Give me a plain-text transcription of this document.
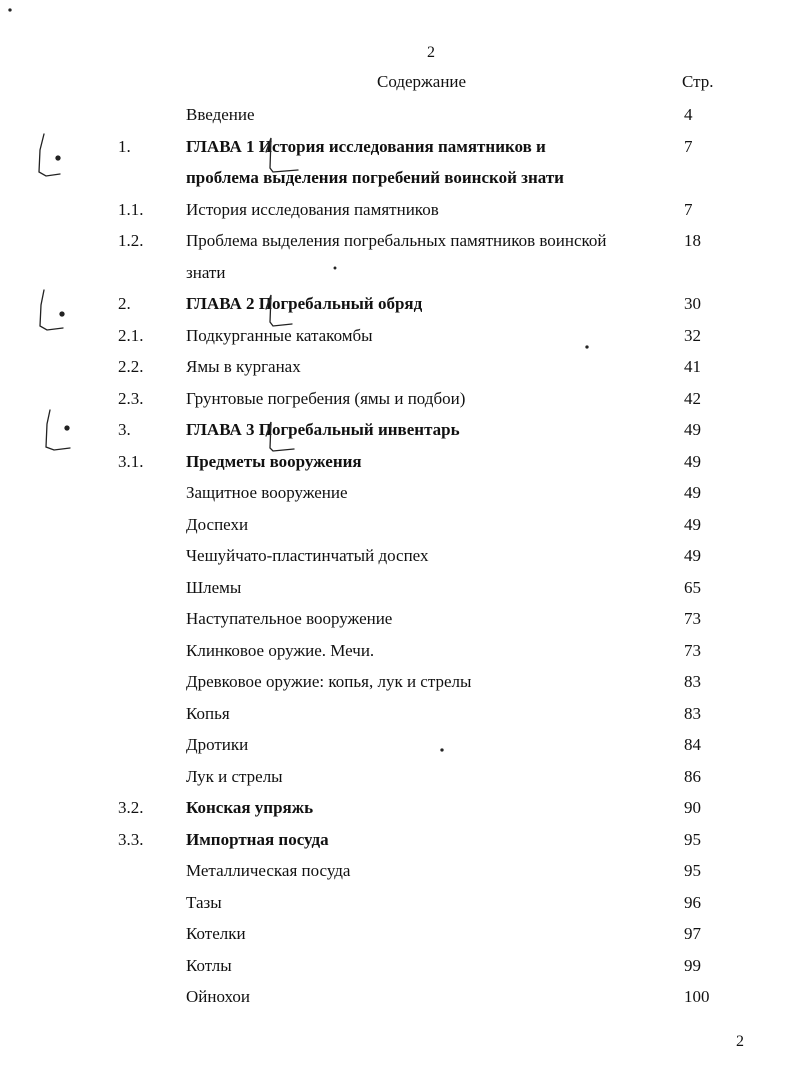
2
Содержание	Стр.
Введение	4
1.	ГЛАВА 1 История исследования памятников и	7
проблема выделения погребений воинской знати
1.1.	История исследования памятников	7
1.2.	Проблема выделения погребальных памятников воинской	18
знати
2.	ГЛАВА 2 Погребальный обряд	30
2.1.	Подкурганные катакомбы	32
2.2.	Ямы в курганах	41
2.3.	Грунтовые погребения (ямы и подбои)	42
3.	ГЛАВА 3 Погребальный инвентарь	49
3.1.	Предметы вооружения	49
Защитное вооружение	49
Доспехи	49
Чешуйчато-пластинчатый доспех	49
Шлемы	65
Наступательное вооружение	73
Клинковое оружие. Мечи.	73
Древковое оружие: копья, лук и стрелы	83
Копья	83
Дротики	84
Лук и стрелы	86
3.2.	Конская упряжь	90
3.3.	Импортная посуда	95
Металлическая посуда	95
Тазы	96
Котелки	97
Котлы	99
Ойнохои	100
2
